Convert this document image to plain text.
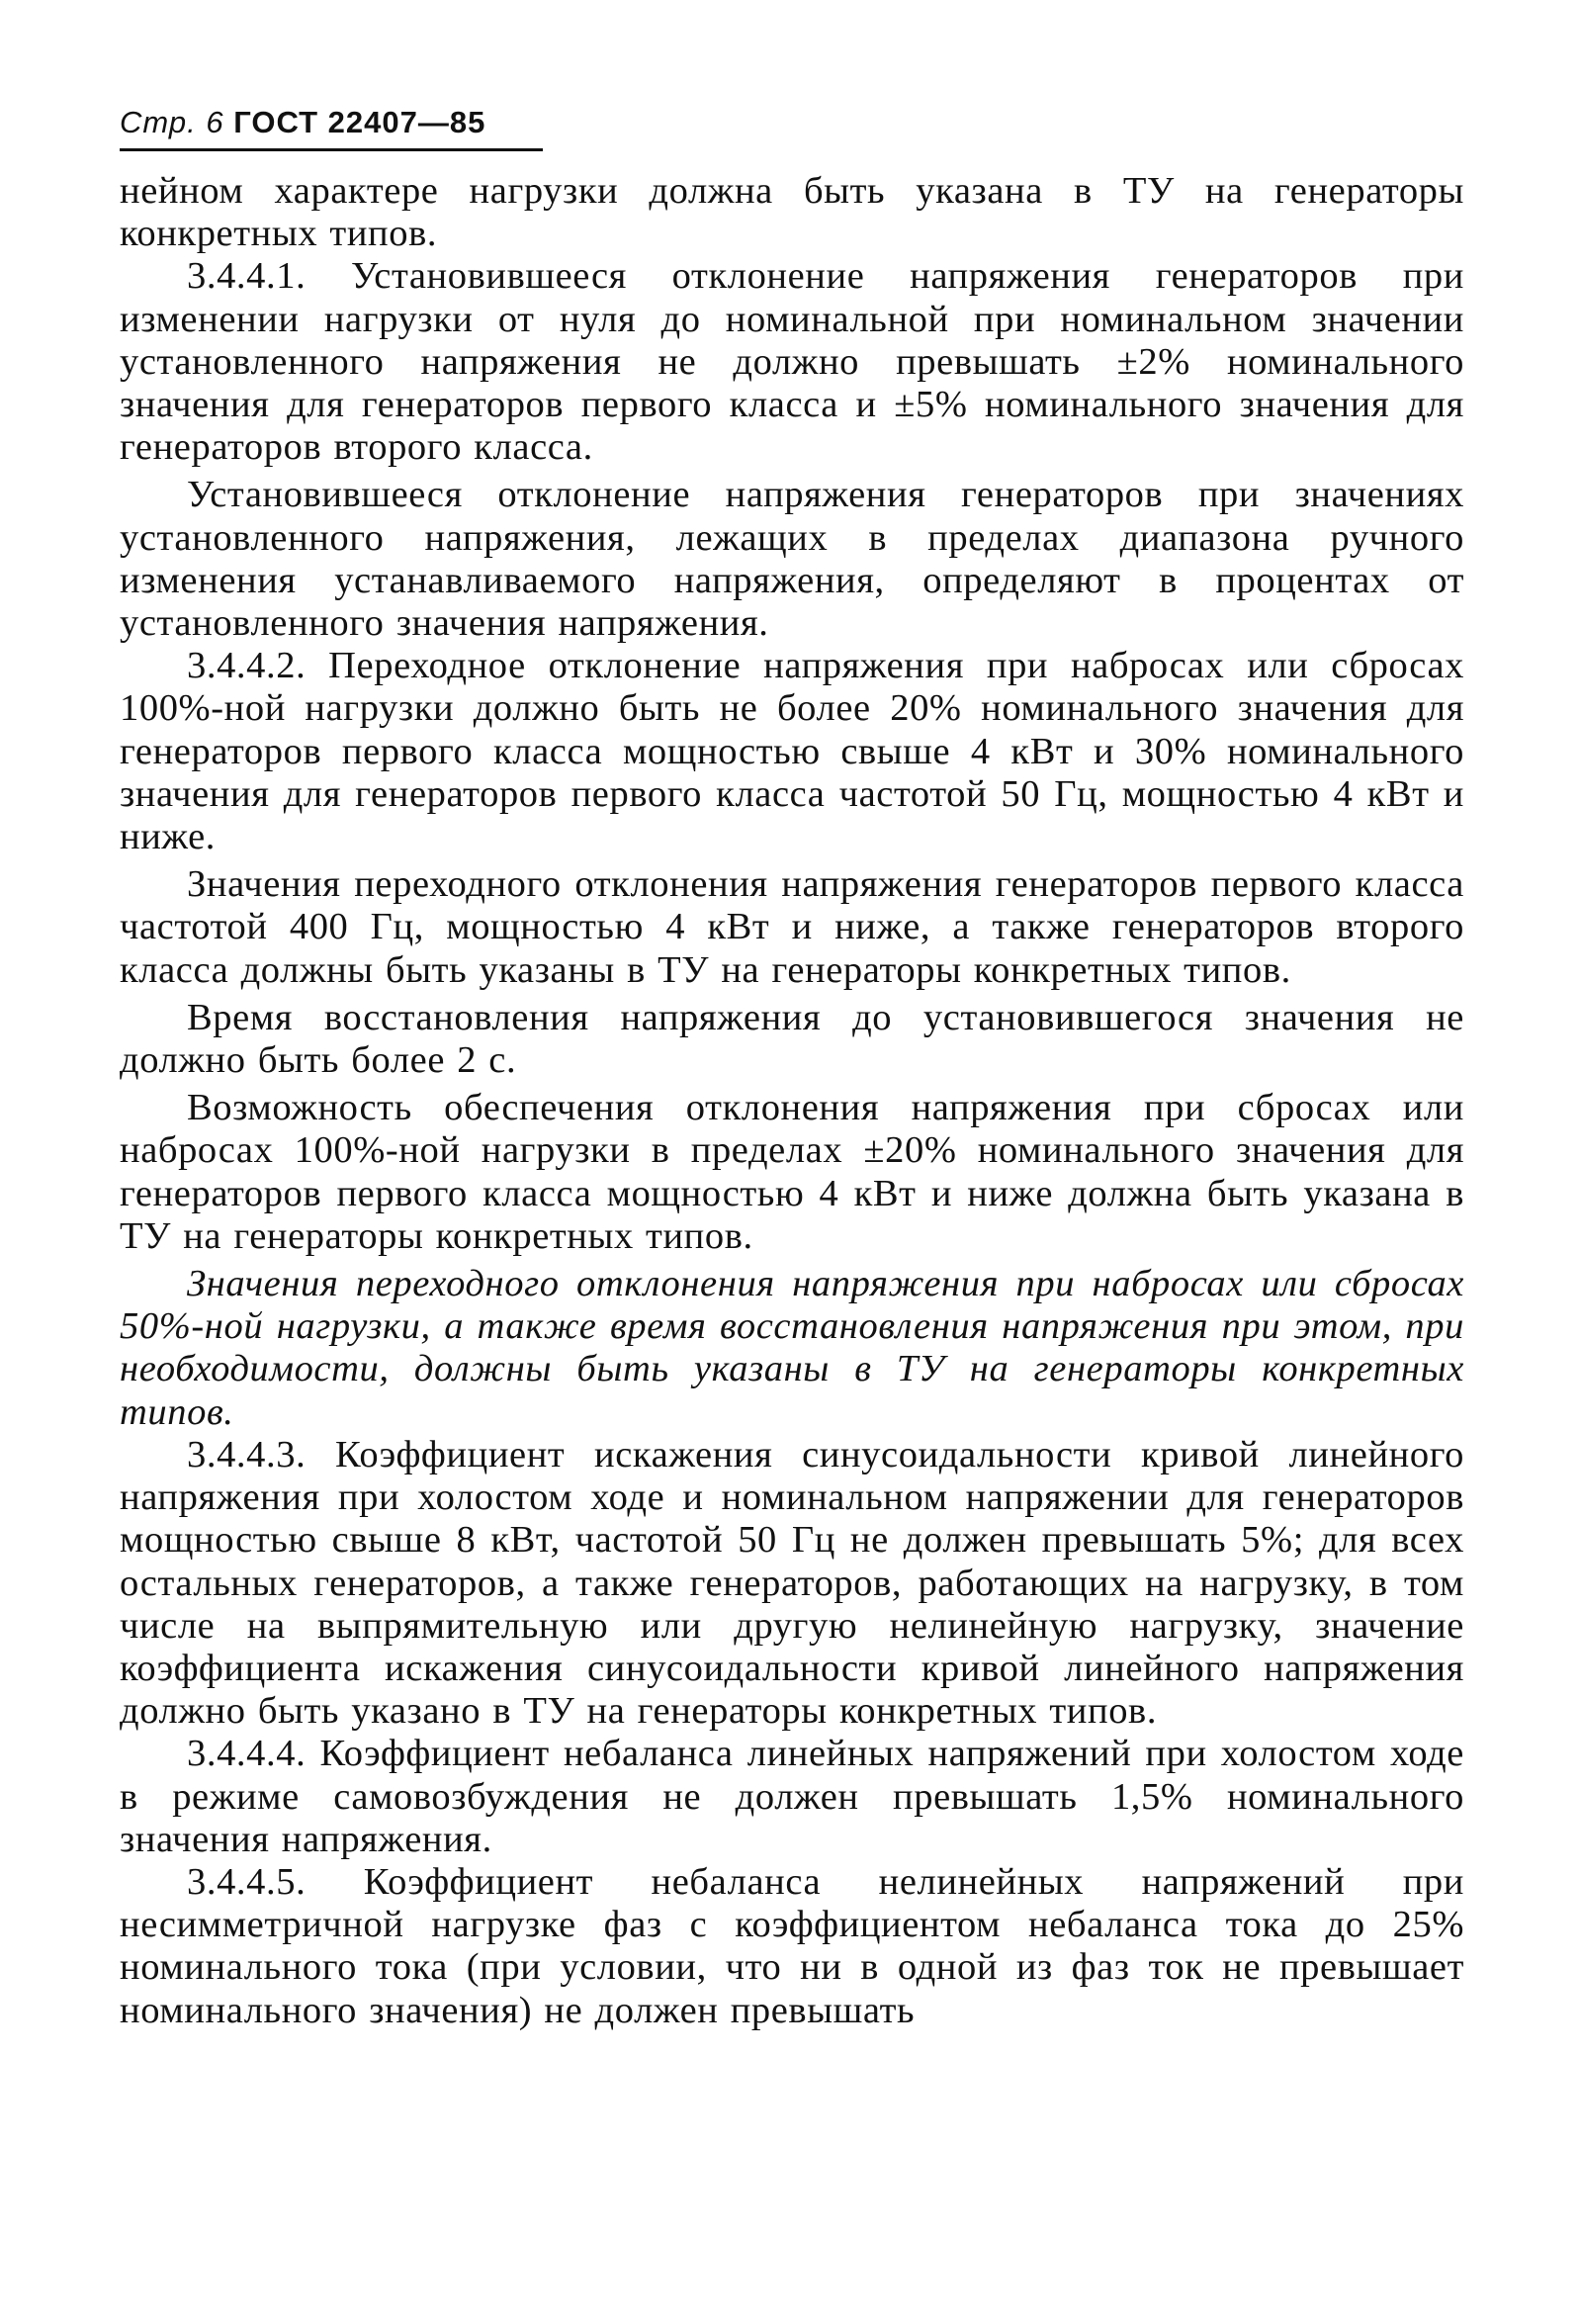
Стр. 6 ГОСТ 22407—85

нейном характере нагрузки должна быть указана в ТУ на генераторы конкретных типов.

3.4.4.1. Установившееся отклонение напряжения генераторов при изменении нагрузки от нуля до номинальной при номинальном значении установленного напряжения не должно превышать ±2% номинального значения для генераторов первого класса и ±5% номинального значения для генераторов второго класса.

Установившееся отклонение напряжения генераторов при значениях установленного напряжения, лежащих в пределах диапазона ручного изменения устанавливаемого напряжения, определяют в процентах от установленного значения напряжения.

3.4.4.2. Переходное отклонение напряжения при набросах или сбросах 100%-ной нагрузки должно быть не более 20% номинального значения для генераторов первого класса мощностью свыше 4 кВт и 30% номинального значения для генераторов первого класса частотой 50 Гц, мощностью 4 кВт и ниже.

Значения переходного отклонения напряжения генераторов первого класса частотой 400 Гц, мощностью 4 кВт и ниже, а также генераторов второго класса должны быть указаны в ТУ на генераторы конкретных типов.

Время восстановления напряжения до установившегося значения не должно быть более 2 с.

Возможность обеспечения отклонения напряжения при сбросах или набросах 100%-ной нагрузки в пределах ±20% номинального значения для генераторов первого класса мощностью 4 кВт и ниже должна быть указана в ТУ на генераторы конкретных типов.

Значения переходного отклонения напряжения при набросах или сбросах 50%-ной нагрузки, а также время восстановления напряжения при этом, при необходимости, должны быть указаны в ТУ на генераторы конкретных типов.

3.4.4.3. Коэффициент искажения синусоидальности кривой линейного напряжения при холостом ходе и номинальном напряжении для генераторов мощностью свыше 8 кВт, частотой 50 Гц не должен превышать 5%; для всех остальных генераторов, а также генераторов, работающих на нагрузку, в том числе на выпрямительную или другую нелинейную нагрузку, значение коэффициента искажения синусоидальности кривой линейного напряжения должно быть указано в ТУ на генераторы конкретных типов.

3.4.4.4. Коэффициент небаланса линейных напряжений при холостом ходе в режиме самовозбуждения не должен превышать 1,5% номинального значения напряжения.

3.4.4.5. Коэффициент небаланса нелинейных напряжений при несимметричной нагрузке фаз с коэффициентом небаланса тока до 25% номинального тока (при условии, что ни в одной из фаз ток не превышает номинального значения) не должен превышать
